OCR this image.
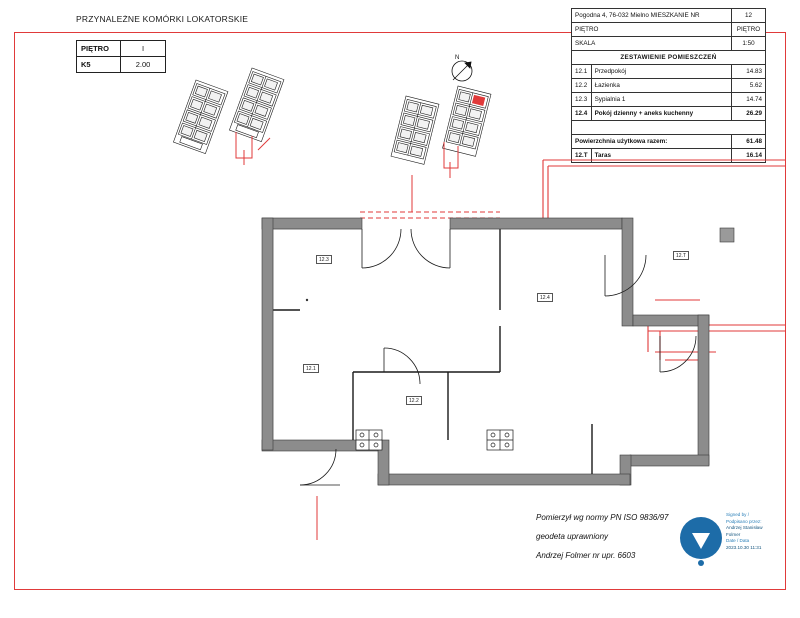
PRZYNALEŻNE KOMÓRKI LOKATORSKIE
PIĘTRO	I
K5	2.00
Pogodna 4, 76-032 Mielno MIESZKANIE NR		12
PIĘTRO		PIĘTRO
SKALA		1:50
ZESTAWIENIE POMIESZCZEŃ		
12.1	Przedpokój	14.83
12.2	Łazienka	5.62
12.3	Sypialnia 1	14.74
12.4	Pokój dzienny + aneks kuchenny	26.29

Powierzchnia użytkowa razem:		61.48
12.T	Taras	16.14
N
12.3
12.1
12.2
12.4
12.T
Pomierzył wg normy PN ISO 9836/97
geodeta uprawniony
Andrzej Folmer nr upr. 6603
Signed by /
Podpisano przez:
Andrzej Stanisław
Folmer
Date / Data
2023.10.30 11:31
